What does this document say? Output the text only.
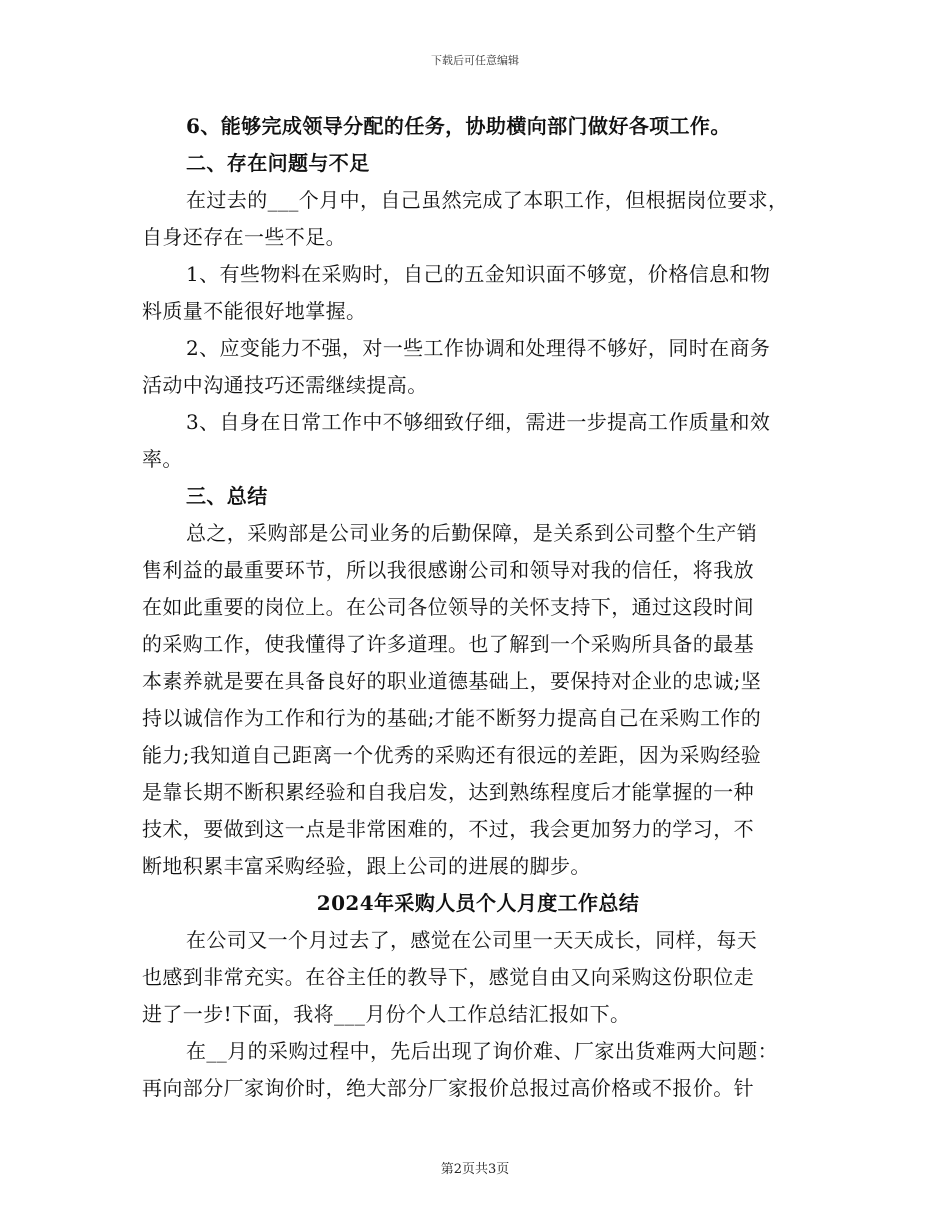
下载后可任意编辑
6、能够完成领导分配的任务，协助横向部门做好各项工作。
二、存在问题与不足
在过去的___个月中，自己虽然完成了本职工作，但根据岗位要求，
自身还存在一些不足。
1、有些物料在采购时，自己的五金知识面不够宽，价格信息和物
料质量不能很好地掌握。
2、应变能力不强，对一些工作协调和处理得不够好，同时在商务
活动中沟通技巧还需继续提高。
3、自身在日常工作中不够细致仔细，需进一步提高工作质量和效
率。
三、总结
总之，采购部是公司业务的后勤保障，是关系到公司整个生产销
售利益的最重要环节，所以我很感谢公司和领导对我的信任，将我放
在如此重要的岗位上。在公司各位领导的关怀支持下，通过这段时间
的采购工作，使我懂得了许多道理。也了解到一个采购所具备的最基
本素养就是要在具备良好的职业道德基础上，要保持对企业的忠诚;坚
持以诚信作为工作和行为的基础;才能不断努力提高自己在采购工作的
能力;我知道自己距离一个优秀的采购还有很远的差距，因为采购经验
是靠长期不断积累经验和自我启发，达到熟练程度后才能掌握的一种
技术，要做到这一点是非常困难的，不过，我会更加努力的学习，不
断地积累丰富采购经验，跟上公司的进展的脚步。
2024年采购人员个人月度工作总结
在公司又一个月过去了，感觉在公司里一天天成长，同样，每天
也感到非常充实。在谷主任的教导下，感觉自由又向采购这份职位走
进了一步!下面，我将___月份个人工作总结汇报如下。
在__月的采购过程中，先后出现了询价难、厂家出货难两大问题：
再向部分厂家询价时，绝大部分厂家报价总报过高价格或不报价。针
第2页共3页
